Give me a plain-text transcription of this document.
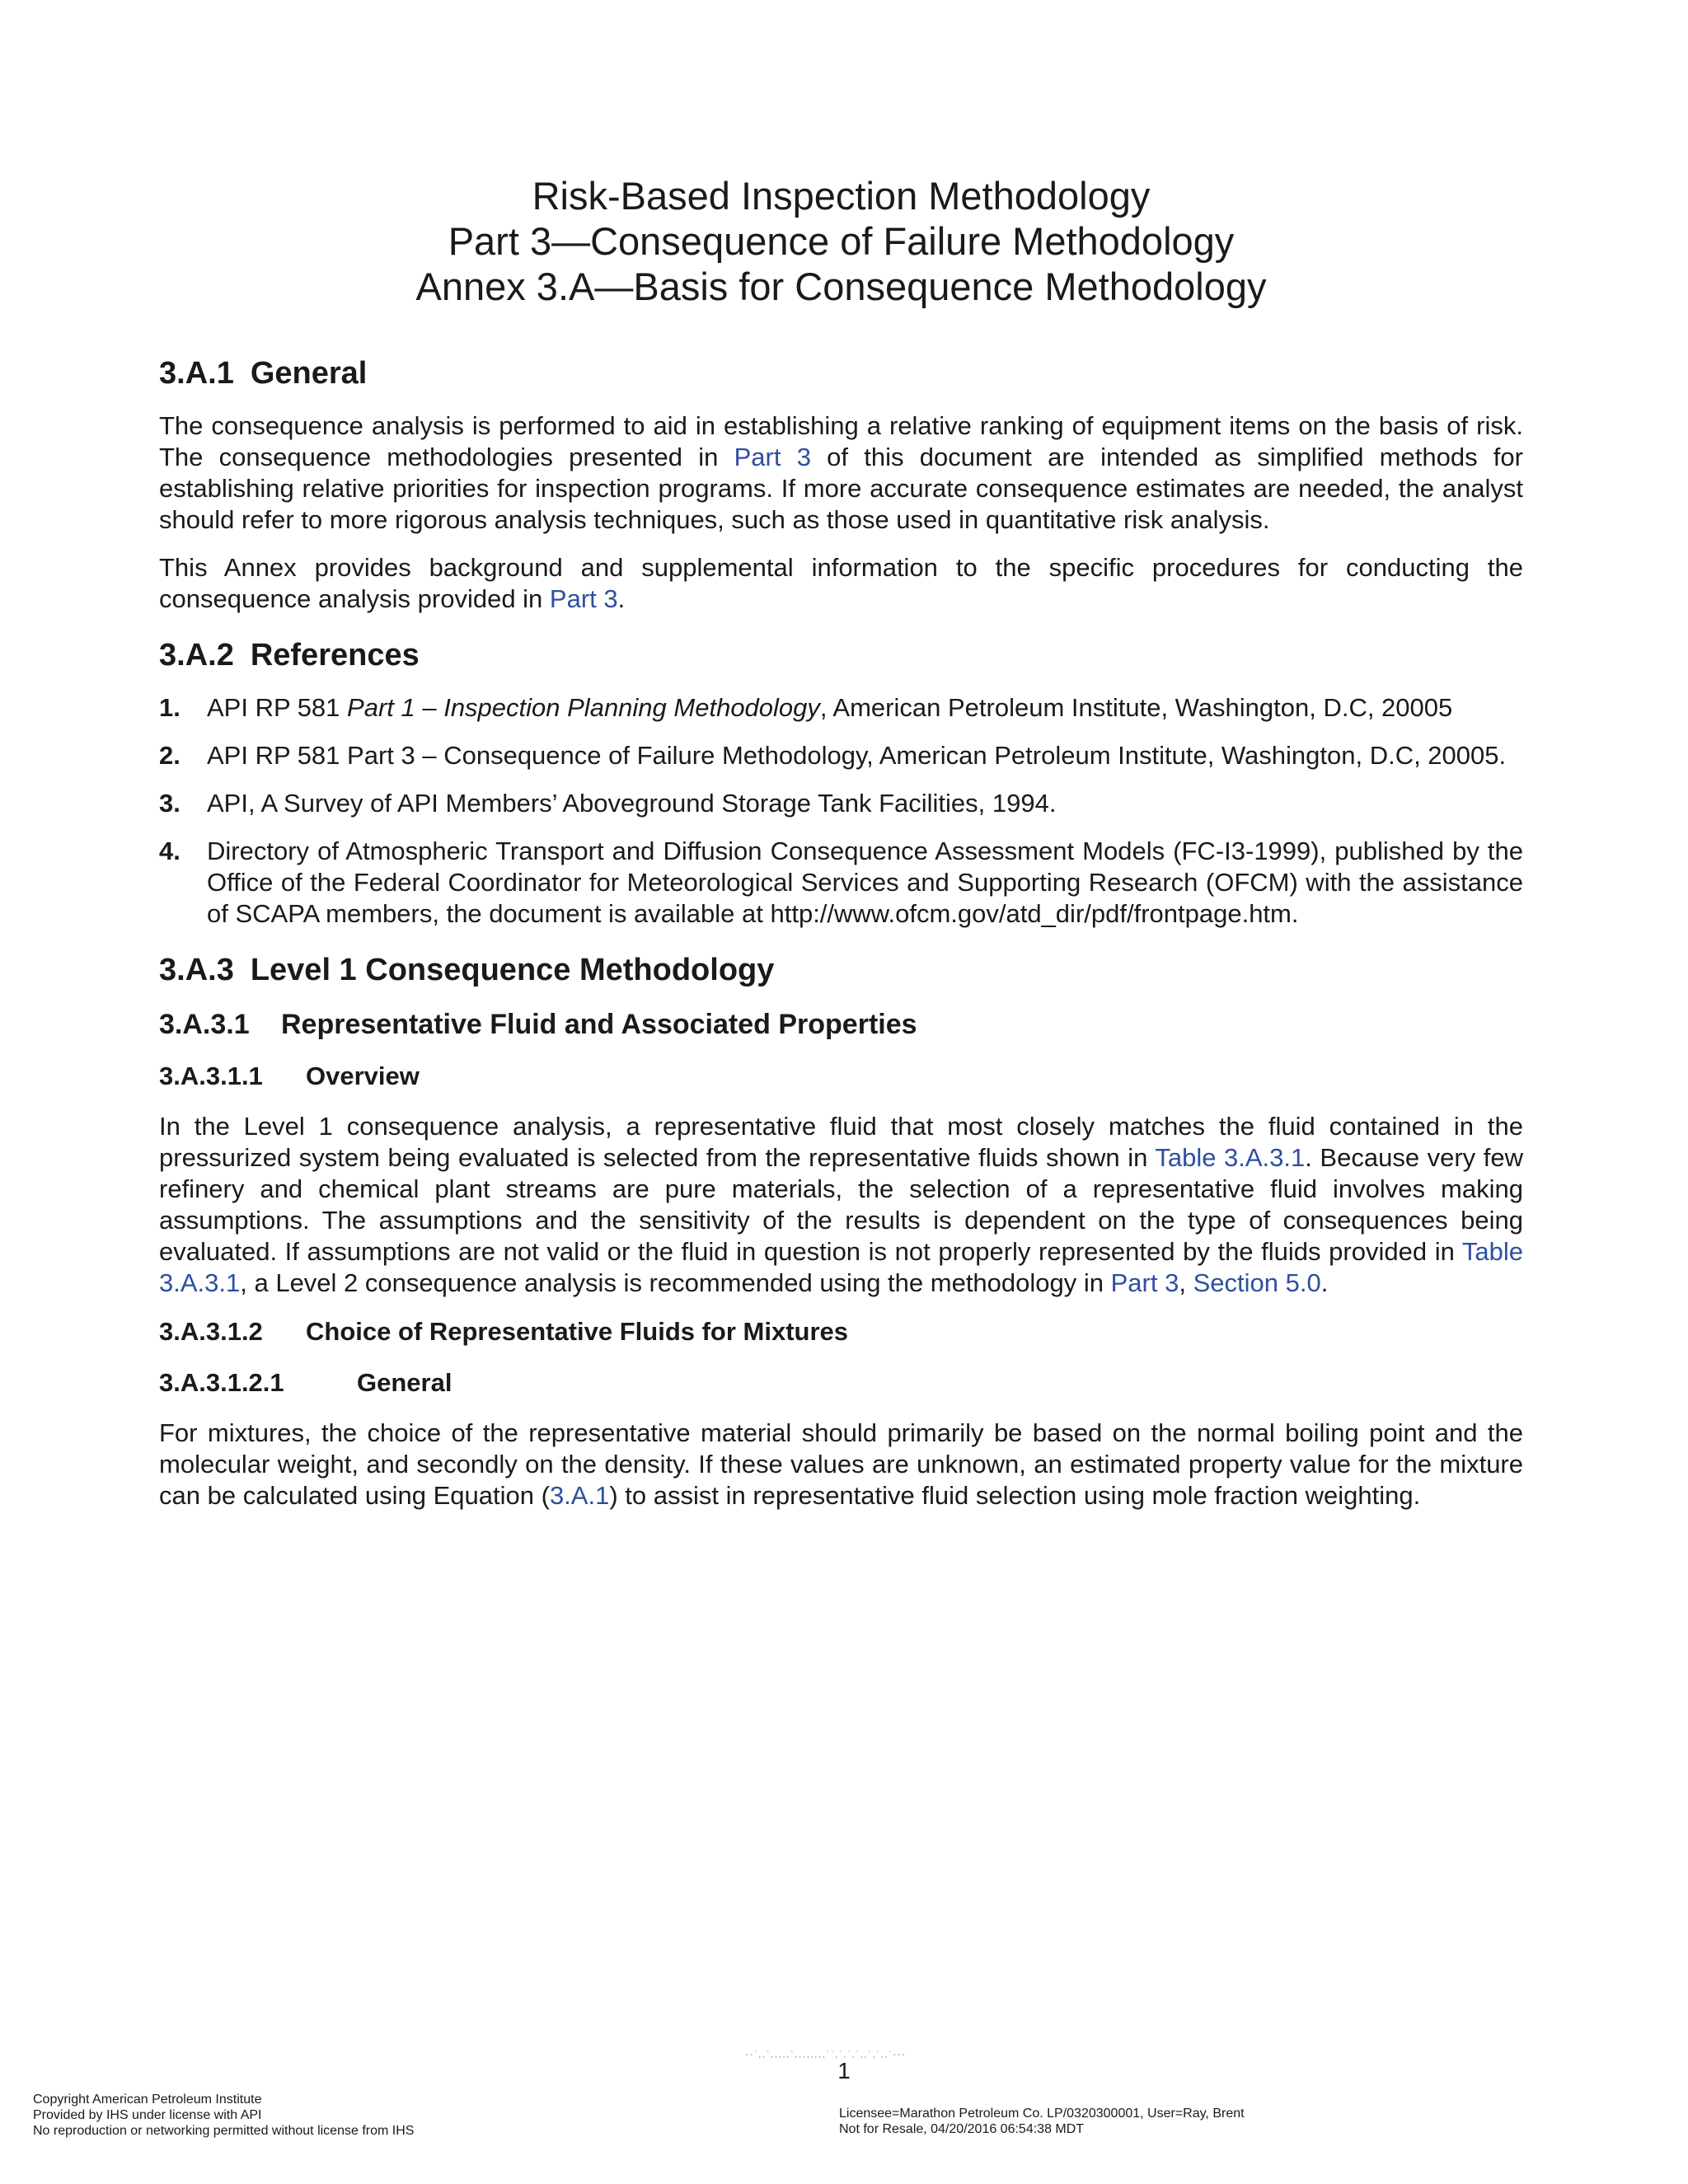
Risk-Based Inspection Methodology
Part 3—Consequence of Failure Methodology
Annex 3.A—Basis for Consequence Methodology
3.A.1 General

The consequence analysis is performed to aid in establishing a relative ranking of equipment items on the basis of risk. The consequence methodologies presented in Part 3 of this document are intended as simplified methods for establishing relative priorities for inspection programs. If more accurate consequence estimates are needed, the analyst should refer to more rigorous analysis techniques, such as those used in quantitative risk analysis.

This Annex provides background and supplemental information to the specific procedures for conducting the consequence analysis provided in Part 3.

3.A.2 References
1. API RP 581 Part 1 – Inspection Planning Methodology, American Petroleum Institute, Washington, D.C, 20005
2. API RP 581 Part 3 – Consequence of Failure Methodology, American Petroleum Institute, Washington, D.C, 20005.
3. API, A Survey of API Members’ Aboveground Storage Tank Facilities, 1994.
4. Directory of Atmospheric Transport and Diffusion Consequence Assessment Models (FC-I3-1999), published by the Office of the Federal Coordinator for Meteorological Services and Supporting Research (OFCM) with the assistance of SCAPA members, the document is available at http://www.ofcm.gov/atd_dir/pdf/frontpage.htm.
3.A.3 Level 1 Consequence Methodology
3.A.3.1 Representative Fluid and Associated Properties
3.A.3.1.1 Overview

In the Level 1 consequence analysis, a representative fluid that most closely matches the fluid contained in the pressurized system being evaluated is selected from the representative fluids shown in Table 3.A.3.1. Because very few refinery and chemical plant streams are pure materials, the selection of a representative fluid involves making assumptions. The assumptions and the sensitivity of the results is dependent on the type of consequences being evaluated. If assumptions are not valid or the fluid in question is not properly represented by the fluids provided in Table 3.A.3.1, a Level 2 consequence analysis is recommended using the methodology in Part 3, Section 5.0.

3.A.3.1.2 Choice of Representative Fluids for Mixtures
3.A.3.1.2.1	General

For mixtures, the choice of the representative material should primarily be based on the normal boiling point and the molecular weight, and secondly on the density. If these values are unknown, an estimated property value for the mixture can be calculated using Equation (3.A.1) to assist in representative fluid selection using mole fraction weighting.

--`,,`,,,,,`,,,,,,,,``,`,`,`,,`,`,,`---
1
Copyright American Petroleum Institute
Provided by IHS under license with API
No reproduction or networking permitted without license from IHS
Licensee=Marathon Petroleum Co. LP/0320300001, User=Ray, Brent
Not for Resale, 04/20/2016 06:54:38 MDT
